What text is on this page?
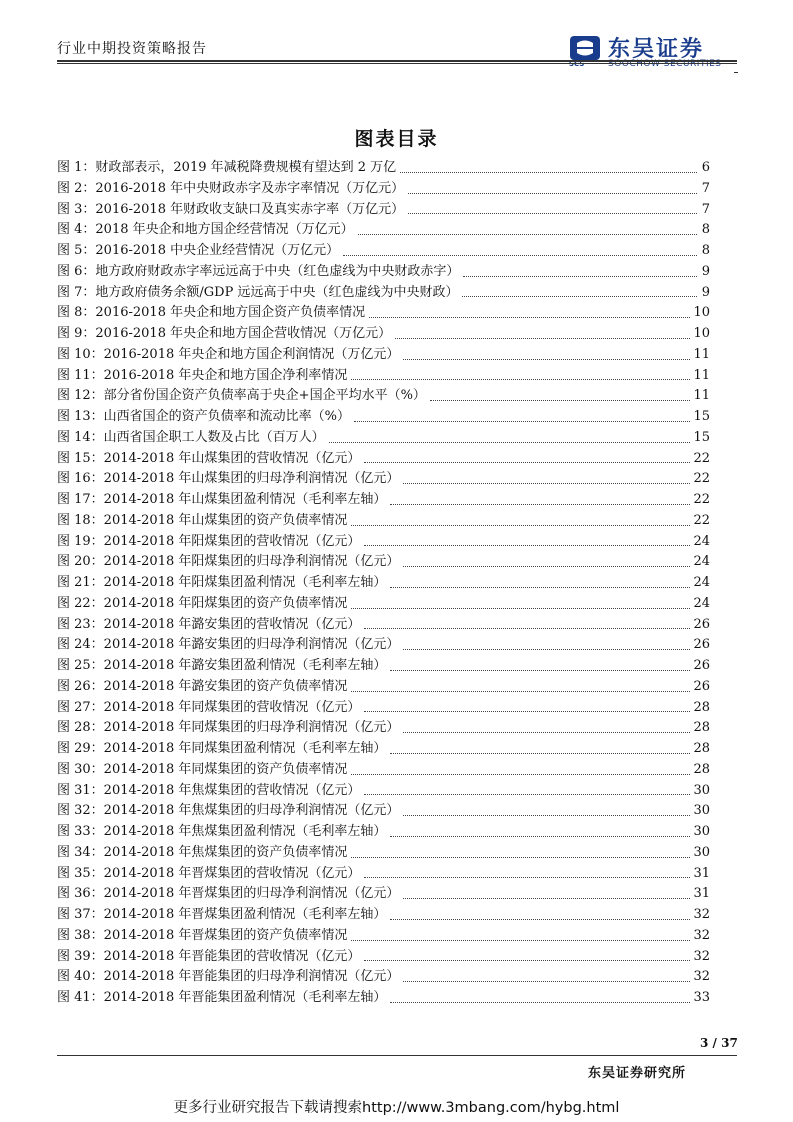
行业中期投资策略报告
SCS
东吴证券
SOOCHOW SECURITIES
图表目录
图 1：财政部表示，2019 年减税降费规模有望达到 2 万亿	6
图 2：2016-2018 年中央财政赤字及赤字率情况（万亿元）	7
图 3：2016-2018 年财政收支缺口及真实赤字率（万亿元）	7
图 4：2018 年央企和地方国企经营情况（万亿元）	8
图 5：2016-2018 中央企业经营情况（万亿元）	8
图 6：地方政府财政赤字率远远高于中央（红色虚线为中央财政赤字）	9
图 7：地方政府债务余额/GDP 远远高于中央（红色虚线为中央财政）	9
图 8：2016-2018 年央企和地方国企资产负债率情况	10
图 9：2016-2018 年央企和地方国企营收情况（万亿元）	10
图 10：2016-2018 年央企和地方国企利润情况（万亿元）	11
图 11：2016-2018 年央企和地方国企净利率情况	11
图 12：部分省份国企资产负债率高于央企+国企平均水平（%）	11
图 13：山西省国企的资产负债率和流动比率（%）	15
图 14：山西省国企职工人数及占比（百万人）	15
图 15：2014-2018 年山煤集团的营收情况（亿元）	22
图 16：2014-2018 年山煤集团的归母净利润情况（亿元）	22
图 17：2014-2018 年山煤集团盈利情况（毛利率左轴）	22
图 18：2014-2018 年山煤集团的资产负债率情况	22
图 19：2014-2018 年阳煤集团的营收情况（亿元）	24
图 20：2014-2018 年阳煤集团的归母净利润情况（亿元）	24
图 21：2014-2018 年阳煤集团盈利情况（毛利率左轴）	24
图 22：2014-2018 年阳煤集团的资产负债率情况	24
图 23：2014-2018 年潞安集团的营收情况（亿元）	26
图 24：2014-2018 年潞安集团的归母净利润情况（亿元）	26
图 25：2014-2018 年潞安集团盈利情况（毛利率左轴）	26
图 26：2014-2018 年潞安集团的资产负债率情况	26
图 27：2014-2018 年同煤集团的营收情况（亿元）	28
图 28：2014-2018 年同煤集团的归母净利润情况（亿元）	28
图 29：2014-2018 年同煤集团盈利情况（毛利率左轴）	28
图 30：2014-2018 年同煤集团的资产负债率情况	28
图 31：2014-2018 年焦煤集团的营收情况（亿元）	30
图 32：2014-2018 年焦煤集团的归母净利润情况（亿元）	30
图 33：2014-2018 年焦煤集团盈利情况（毛利率左轴）	30
图 34：2014-2018 年焦煤集团的资产负债率情况	30
图 35：2014-2018 年晋煤集团的营收情况（亿元）	31
图 36：2014-2018 年晋煤集团的归母净利润情况（亿元）	31
图 37：2014-2018 年晋煤集团盈利情况（毛利率左轴）	32
图 38：2014-2018 年晋煤集团的资产负债率情况	32
图 39：2014-2018 年晋能集团的营收情况（亿元）	32
图 40：2014-2018 年晋能集团的归母净利润情况（亿元）	32
图 41：2014-2018 年晋能集团盈利情况（毛利率左轴）	33
3 / 37
东吴证券研究所
更多行业研究报告下载请搜索http://www.3mbang.com/hybg.html
